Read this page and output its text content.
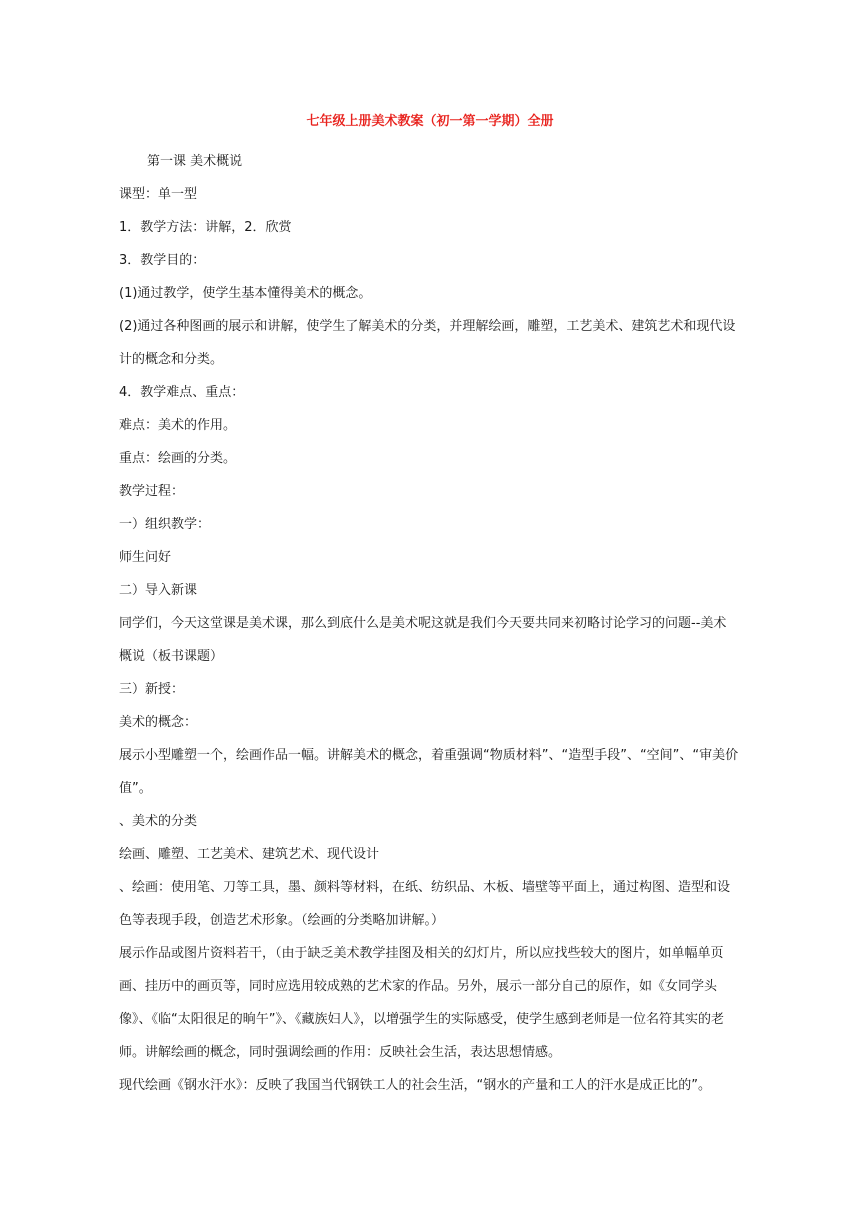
七年级上册美术教案（初一第一学期）全册

第一课 美术概说

课型：单一型

1．教学方法：讲解，2．欣赏

3．教学目的：

(1)通过教学，使学生基本懂得美术的概念。

(2)通过各种图画的展示和讲解，使学生了解美术的分类，并理解绘画，雕塑，工艺美术、建筑艺术和现代设计的概念和分类。

4．教学难点、重点：

难点：美术的作用。

重点：绘画的分类。

教学过程：

一）组织教学：

师生问好

二）导入新课

同学们，今天这堂课是美术课，那么到底什么是美术呢这就是我们今天要共同来初略讨论学习的问题--美术概说（板书课题）

三）新授：

美术的概念：

展示小型雕塑一个，绘画作品一幅。讲解美术的概念，着重强调“物质材料”、“造型手段”、“空间”、“审美价值”。

、美术的分类

绘画、雕塑、工艺美术、建筑艺术、现代设计

、绘画：使用笔、刀等工具，墨、颜料等材料，在纸、纺织品、木板、墙壁等平面上，通过构图、造型和设色等表现手段，创造艺术形象。（绘画的分类略加讲解。）

展示作品或图片资料若干，（由于缺乏美术教学挂图及相关的幻灯片，所以应找些较大的图片，如单幅单页画、挂历中的画页等，同时应选用较成熟的艺术家的作品。另外，展示一部分自己的原作，如《女同学头像》、《临“太阳很足的晌午”》、《藏族妇人》，以增强学生的实际感受，使学生感到老师是一位名符其实的老师。讲解绘画的概念，同时强调绘画的作用：反映社会生活，表达思想情感。

现代绘画《钢水汗水》：反映了我国当代钢铁工人的社会生活，“钢水的产量和工人的汗水是成正比的”。
